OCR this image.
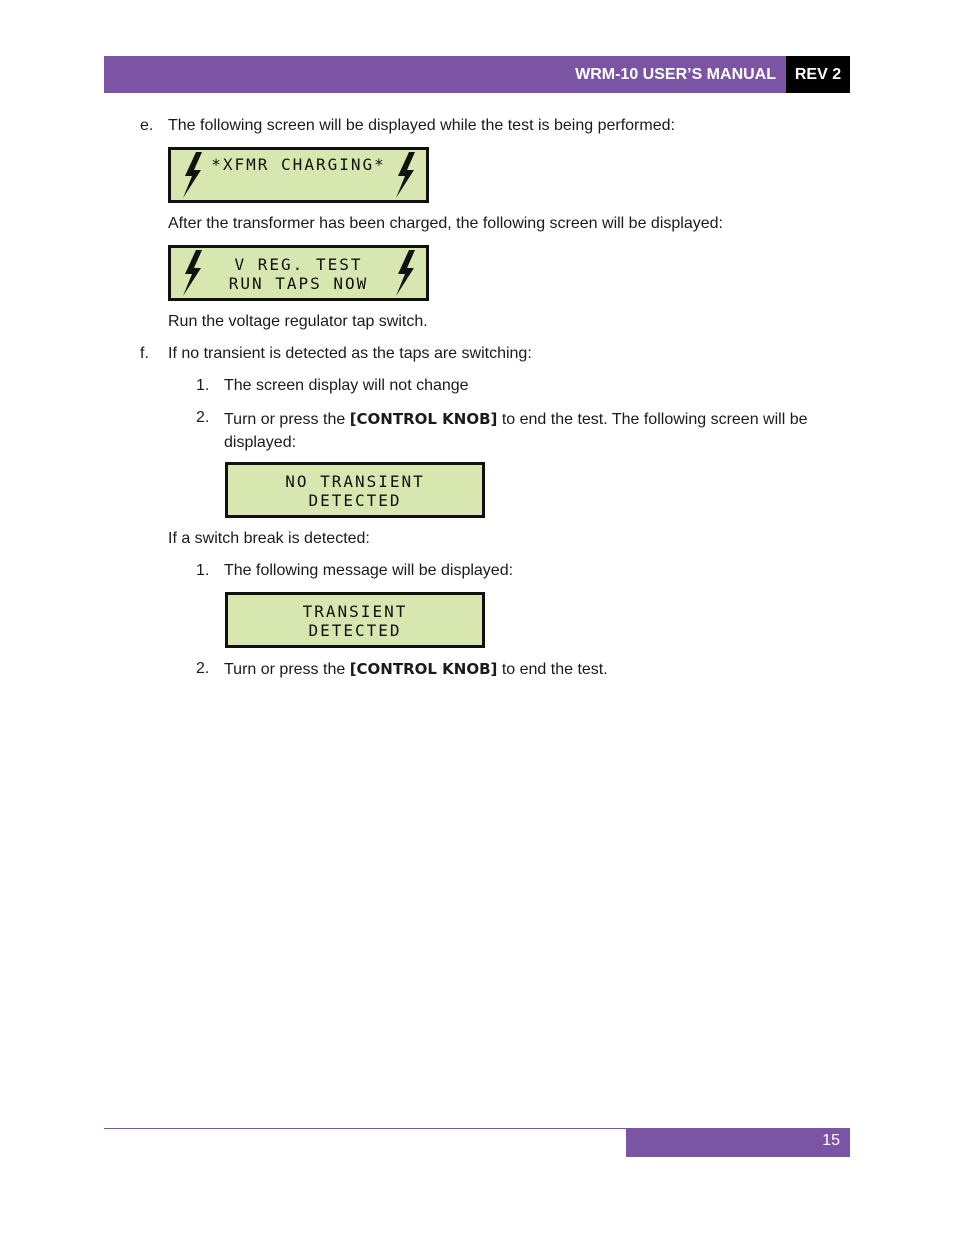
WRM-10 USER’S MANUAL	REV 2
e. The following screen will be displayed while the test is being performed:
*XFMR CHARGING*
After the transformer has been charged, the following screen will be displayed:
V REG. TEST
RUN TAPS NOW
Run the voltage regulator tap switch.
f. If no transient is detected as the taps are switching:
1. The screen display will not change
2. Turn or press the [CONTROL KNOB] to end the test. The following screen will be displayed:
NO TRANSIENT
DETECTED
If a switch break is detected:
1. The following message will be displayed:
TRANSIENT
DETECTED
2. Turn or press the [CONTROL KNOB] to end the test.
15
